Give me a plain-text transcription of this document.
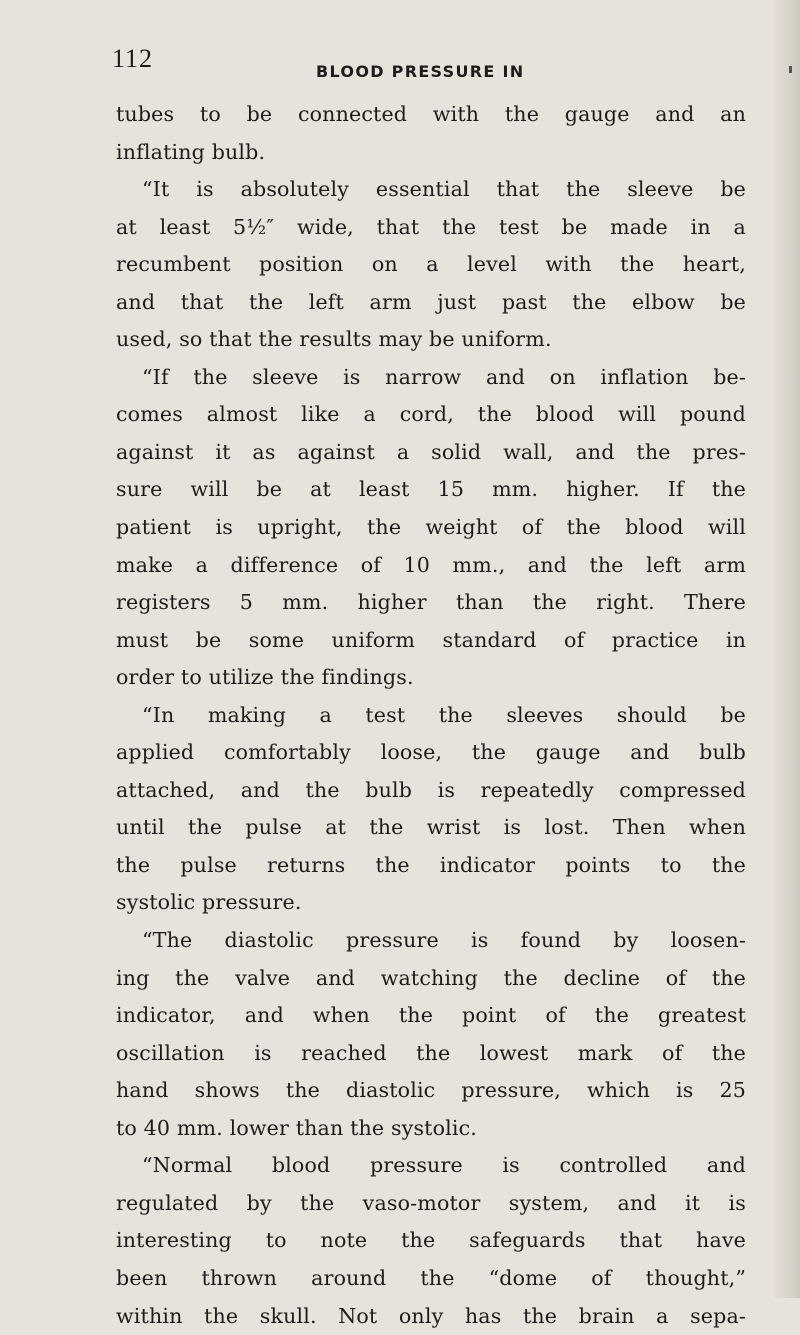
112	BLOOD PRESSURE IN
tubes to be connected with the gauge and an
inflating bulb.
“It is absolutely essential that the sleeve be
at least 5½″ wide, that the test be made in a
recumbent position on a level with the heart,
and that the left arm just past the elbow be
used, so that the results may be uniform.
“If the sleeve is narrow and on inflation be-
comes almost like a cord, the blood will pound
against it as against a solid wall, and the pres-
sure will be at least 15 mm. higher. If the
patient is upright, the weight of the blood will
make a difference of 10 mm., and the left arm
registers 5 mm. higher than the right. There
must be some uniform standard of practice in
order to utilize the findings.
“In making a test the sleeves should be
applied comfortably loose, the gauge and bulb
attached, and the bulb is repeatedly compressed
until the pulse at the wrist is lost. Then when
the pulse returns the indicator points to the
systolic pressure.
“The diastolic pressure is found by loosen-
ing the valve and watching the decline of the
indicator, and when the point of the greatest
oscillation is reached the lowest mark of the
hand shows the diastolic pressure, which is 25
to 40 mm. lower than the systolic.
“Normal blood pressure is controlled and
regulated by the vaso-motor system, and it is
interesting to note the safeguards that have
been thrown around the “dome of thought,”
within the skull. Not only has the brain a sepa-
